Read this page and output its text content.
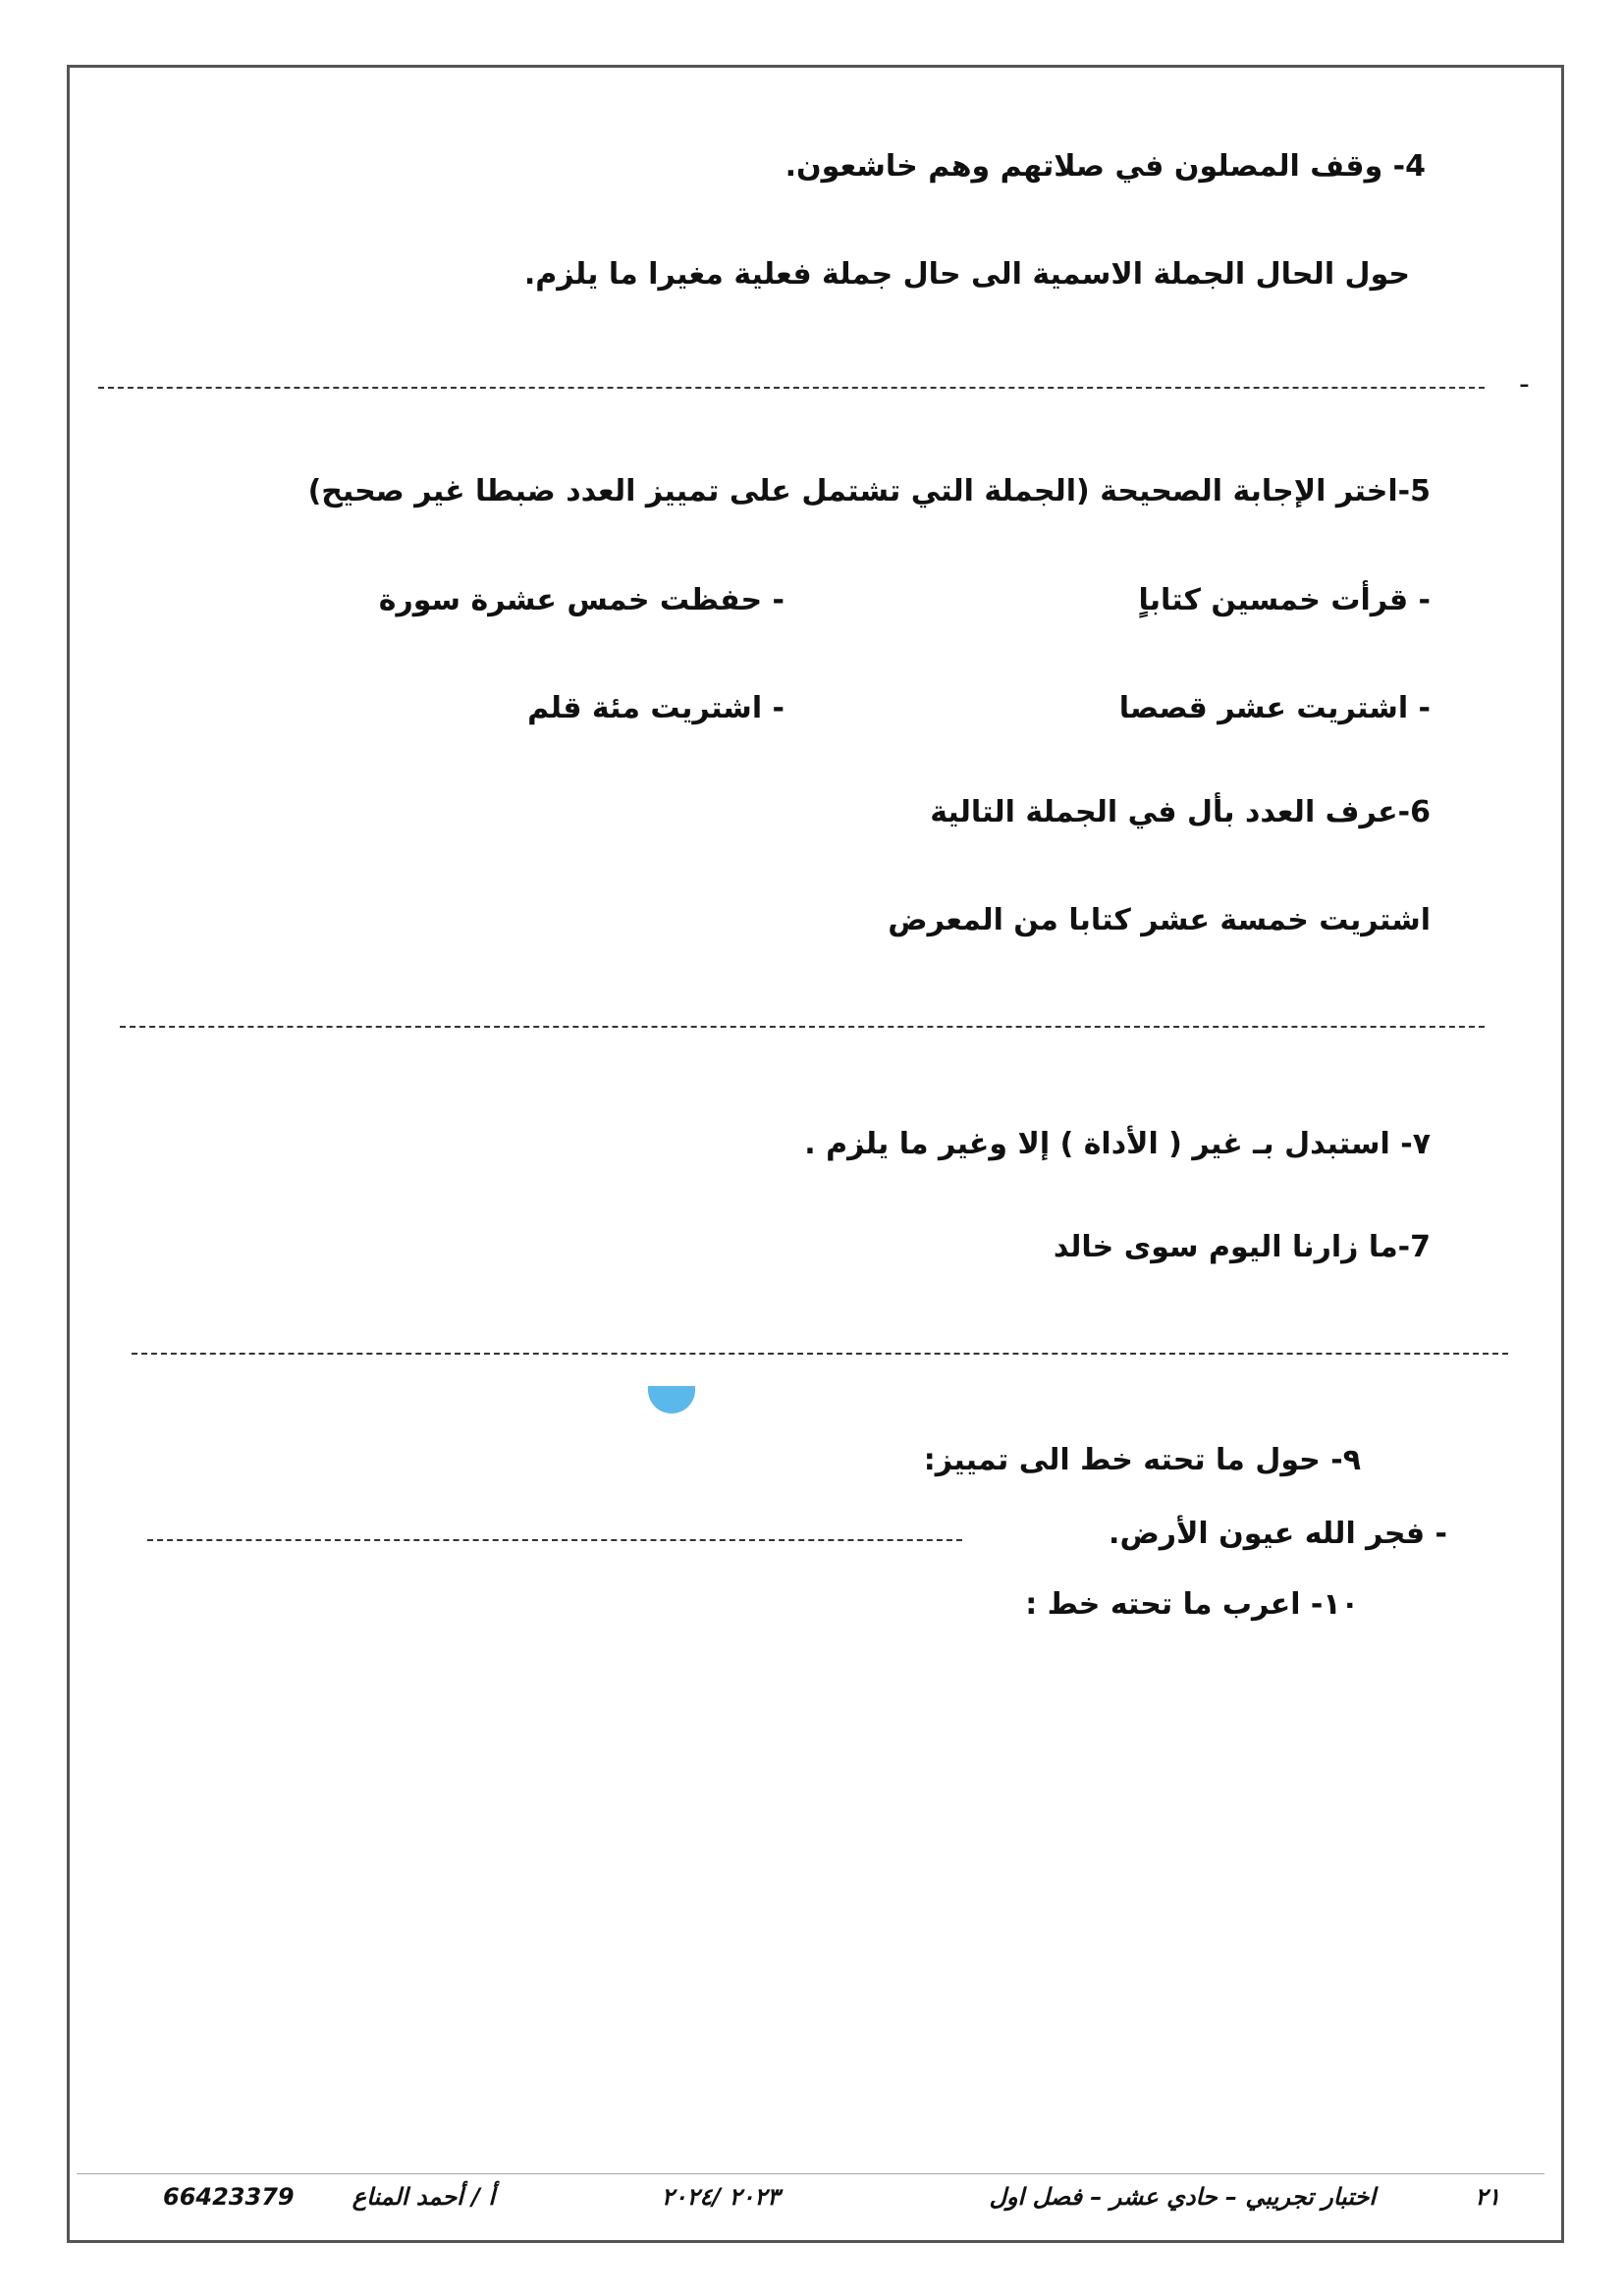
4- وقف المصلون في صلاتهم وهم خاشعون.
حول الحال الجملة الاسمية الى حال جملة فعلية مغيرا ما يلزم.
-
5-اختر الإجابة الصحيحة (الجملة التي تشتمل على تمييز العدد ضبطا غير صحيح)
- قرأت خمسين كتاباٍ
- حفظت خمس عشرة سورة
- اشتريت عشر قصصا
- اشتريت مئة قلم
6-عرف العدد بأل في الجملة التالية
اشتريت خمسة عشر كتابا من المعرض
٧- استبدل بـ غير ( الأداة ) إلا وغير ما يلزم .
7-ما زارنا اليوم سوى خالد
٩- حول ما تحته خط الى تمييز:
- فجر الله عيون الأرض.
١٠- اعرب ما تحته خط :
٢١
اختبار تجريبي – حادي عشر – فصل اول
٢٠٢٣ /٢٠٢٤
أ / أحمد المناع
66423379
